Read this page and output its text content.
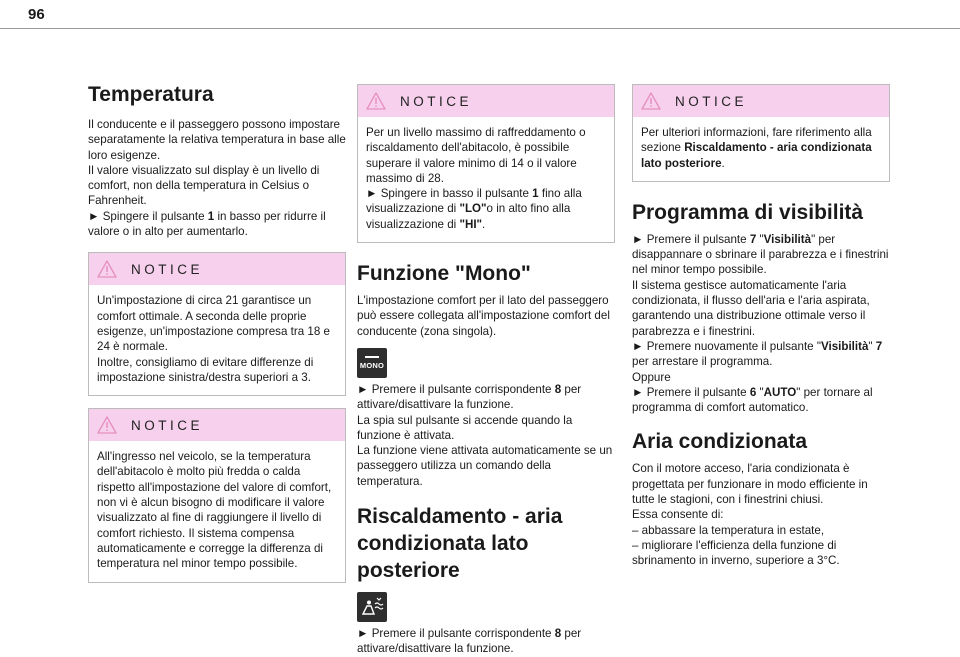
96
Temperatura

Il conducente e il passeggero possono impostare separatamente la relativa temperatura in base alle loro esigenze.

Il valore visualizzato sul display è un livello di comfort, non della temperatura in Celsius o Fahrenheit.

► Spingere il pulsante 1 in basso per ridurre il valore o in alto per aumentarlo.

NOTICE

Un'impostazione di circa 21 garantisce un comfort ottimale. A seconda delle proprie esigenze, un'impostazione compresa tra 18 e 24 è normale.

Inoltre, consigliamo di evitare differenze di impostazione sinistra/destra superiori a 3.

NOTICE

All'ingresso nel veicolo, se la temperatura dell'abitacolo è molto più fredda o calda rispetto all'impostazione del valore di comfort, non vi è alcun bisogno di modificare il valore visualizzato al fine di raggiungere il livello di comfort richiesto. Il sistema compensa automaticamente e corregge la differenza di temperatura nel minor tempo possibile.

NOTICE

Per un livello massimo di raffreddamento o riscaldamento dell'abitacolo, è possibile superare il valore minimo di 14 o il valore massimo di 28.

► Spingere in basso il pulsante 1 fino alla visualizzazione di "LO"o in alto fino alla visualizzazione di "HI".

Funzione "Mono"

L'impostazione comfort per il lato del passeggero può essere collegata all'impostazione comfort del conducente (zona singola).

MONO

► Premere il pulsante corrispondente 8 per attivare/disattivare la funzione.

La spia sul pulsante si accende quando la funzione è attivata.

La funzione viene attivata automaticamente se un passeggero utilizza un comando della temperatura.

Riscaldamento - aria condizionata lato posteriore

► Premere il pulsante corrispondente 8 per attivare/disattivare la funzione.

NOTICE

Per ulteriori informazioni, fare riferimento alla sezione Riscaldamento - aria condizionata lato posteriore.

Programma di visibilità

► Premere il pulsante 7 "Visibilità" per disappannare o sbrinare il parabrezza e i finestrini nel minor tempo possibile.

Il sistema gestisce automaticamente l'aria condizionata, il flusso dell'aria e l'aria aspirata, garantendo una distribuzione ottimale verso il parabrezza e i finestrini.

► Premere nuovamente il pulsante "Visibilità" 7 per arrestare il programma.

Oppure

► Premere il pulsante 6 "AUTO" per tornare al programma di comfort automatico.

Aria condizionata

Con il motore acceso, l'aria condizionata è progettata per funzionare in modo efficiente in tutte le stagioni, con i finestrini chiusi.

Essa consente di:

– abbassare la temperatura in estate,

– migliorare l'efficienza della funzione di sbrinamento in inverno, superiore a 3°C.
